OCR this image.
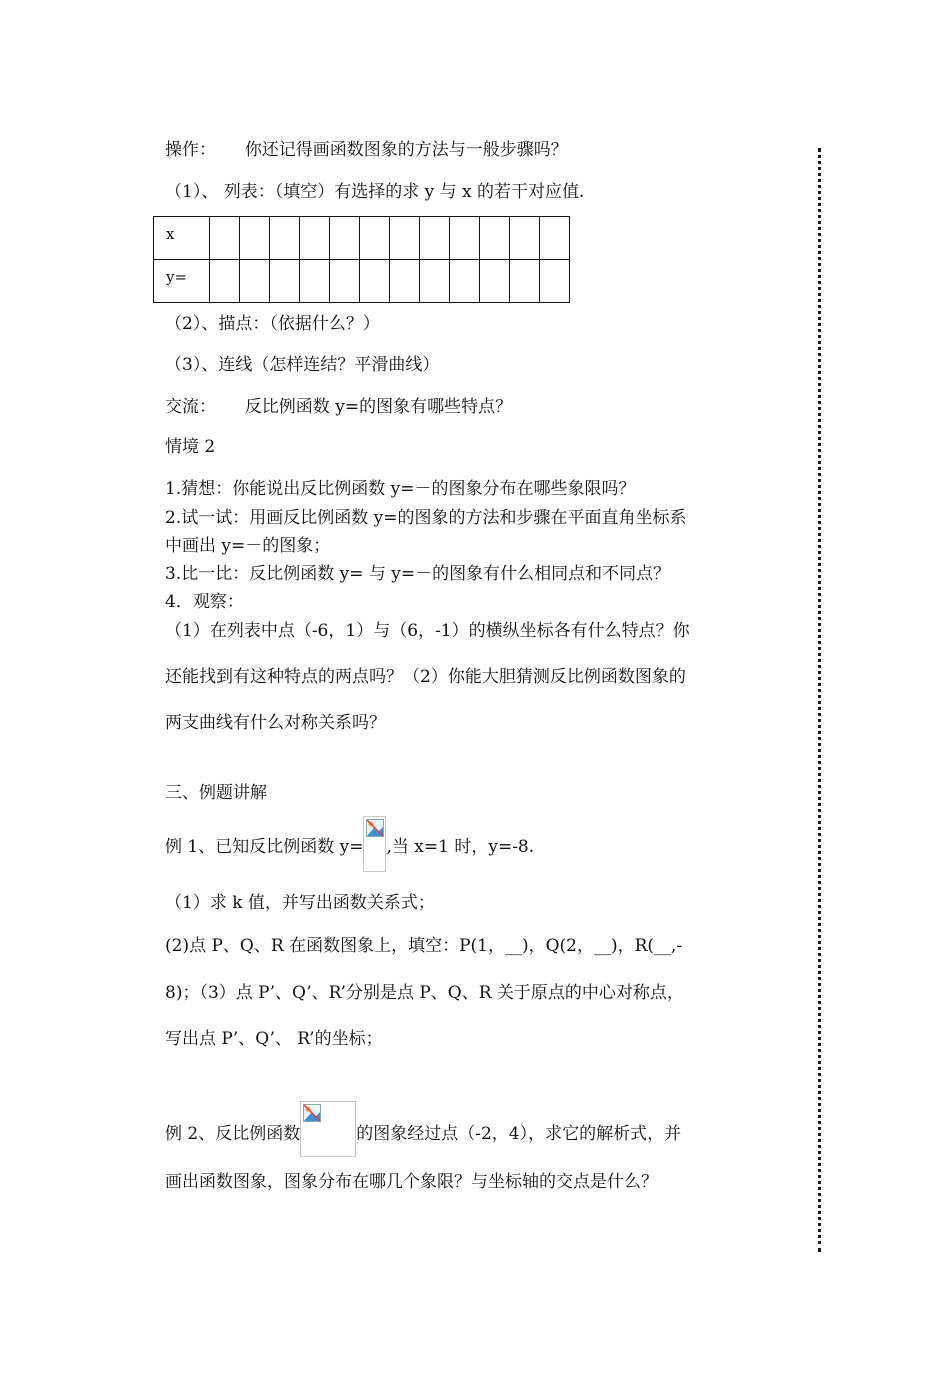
操作： 你还记得画函数图象的方法与一般步骤吗？
（1）、 列表：（填空）有选择的求 y 与 x 的若干对应值.
x												
y=												
（2）、描点：（依据什么？）
（3）、连线（怎样连结？平滑曲线）
交流： 反比例函数 y=的图象有哪些特点？
情境 2
1.猜想：你能说出反比例函数 y=－的图象分布在哪些象限吗？
2.试一试：用画反比例函数 y=的图象的方法和步骤在平面直角坐标系
中画出 y=－的图象；
3.比一比：反比例函数 y= 与 y=－的图象有什么相同点和不同点？
4．观察：
（1）在列表中点（-6，1）与（6，-1）的横纵坐标各有什么特点？你
还能找到有这种特点的两点吗？（2）你能大胆猜测反比例函数图象的
两支曲线有什么对称关系吗？
三、例题讲解
例 1、已知反比例函数 y= ,当 x=1 时，y=-8.
（1）求 k 值，并写出函数关系式；
(2)点 P、Q、R 在函数图象上，填空：P(1，__)，Q(2，__)，R(__,-
8)；（3）点 P’、Q’、R’分别是点 P、Q、R 关于原点的中心对称点，
写出点 P’、Q’、 R’的坐标；
例 2、反比例函数	的图象经过点（-2，4），求它的解析式，并
画出函数图象，图象分布在哪几个象限？与坐标轴的交点是什么？
